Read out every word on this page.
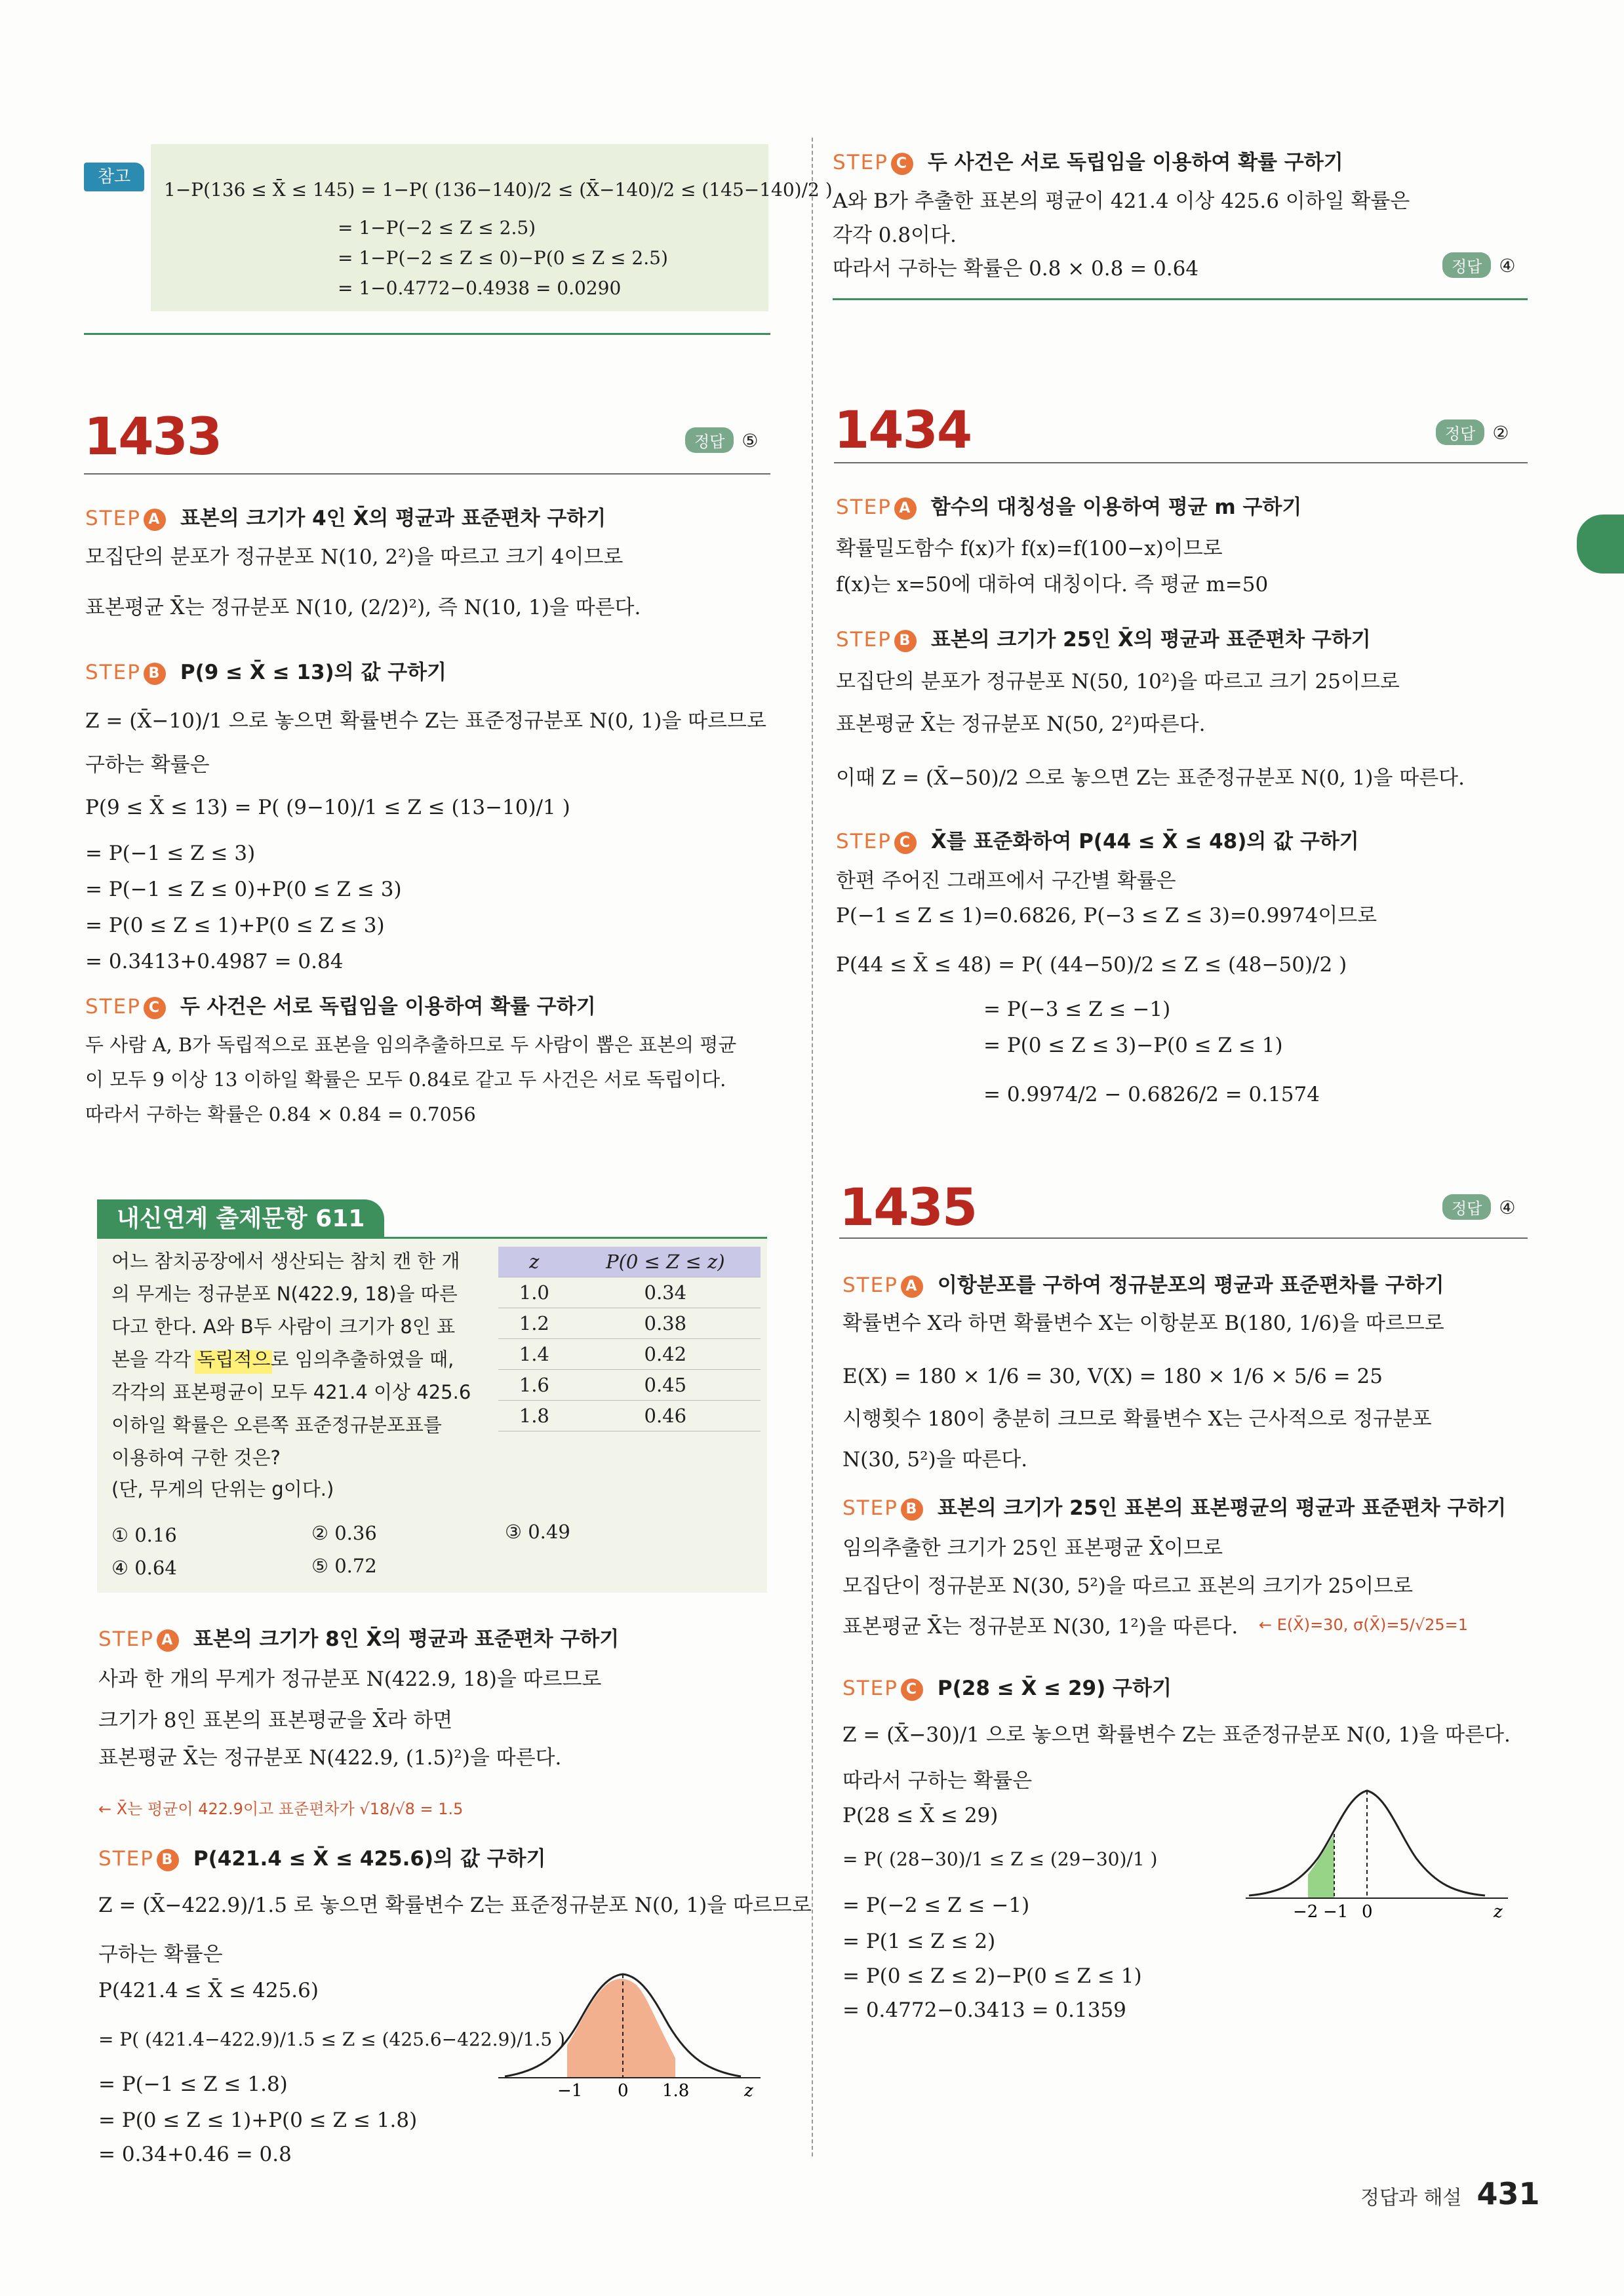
참고
1−P(136 ≤ X̄ ≤ 145) = 1−P( (136−140)/2 ≤ (X̄−140)/2 ≤ (145−140)/2 )
= 1−P(−2 ≤ Z ≤ 2.5)
= 1−P(−2 ≤ Z ≤ 0)−P(0 ≤ Z ≤ 2.5)
= 1−0.4772−0.4938 = 0.0290
1433	정답 ⑤
STEP A 표본의 크기가 4인 X̄의 평균과 표준편차 구하기
모집단의 분포가 정규분포 N(10, 2²)을 따르고 크기 4이므로
표본평균 X̄는 정규분포 N(10, (2/2)²), 즉 N(10, 1)을 따른다.
STEP B P(9 ≤ X̄ ≤ 13)의 값 구하기
Z = (X̄−10)/1 으로 놓으면 확률변수 Z는 표준정규분포 N(0, 1)을 따르므로
구하는 확률은
P(9 ≤ X̄ ≤ 13) = P( (9−10)/1 ≤ Z ≤ (13−10)/1 )
= P(−1 ≤ Z ≤ 3)
= P(−1 ≤ Z ≤ 0)+P(0 ≤ Z ≤ 3)
= P(0 ≤ Z ≤ 1)+P(0 ≤ Z ≤ 3)
= 0.3413+0.4987 = 0.84
STEP C 두 사건은 서로 독립임을 이용하여 확률 구하기
두 사람 A, B가 독립적으로 표본을 임의추출하므로 두 사람이 뽑은 표본의 평균
이 모두 9 이상 13 이하일 확률은 모두 0.84로 같고 두 사건은 서로 독립이다.
따라서 구하는 확률은 0.84 × 0.84 = 0.7056
내신연계 출제문항 611
어느 참치공장에서 생산되는 참치 캔 한 개
의 무게는 정규분포 N(422.9, 18)을 따른
다고 한다. A와 B두 사람이 크기가 8인 표
본을 각각 독립적으로 임의추출하였을 때,
각각의 표본평균이 모두 421.4 이상 425.6
이하일 확률은 오른쪽 표준정규분포표를
이용하여 구한 것은?
(단, 무게의 단위는 g이다.)
z	P(0 ≤ Z ≤ z)
1.0	0.34
1.2	0.38
1.4	0.42
1.6	0.45
1.8	0.46
① 0.16	② 0.36	③ 0.49
④ 0.64	⑤ 0.72
STEP A 표본의 크기가 8인 X̄의 평균과 표준편차 구하기
사과 한 개의 무게가 정규분포 N(422.9, 18)을 따르므로
크기가 8인 표본의 표본평균을 X̄라 하면
표본평균 X̄는 정규분포 N(422.9, (1.5)²)을 따른다.
← X̄는 평균이 422.9이고 표준편차가 √18/√8 = 1.5
STEP B P(421.4 ≤ X̄ ≤ 425.6)의 값 구하기
Z = (X̄−422.9)/1.5 로 놓으면 확률변수 Z는 표준정규분포 N(0, 1)을 따르므로
구하는 확률은
P(421.4 ≤ X̄ ≤ 425.6)
= P( (421.4−422.9)/1.5 ≤ Z ≤ (425.6−422.9)/1.5 )
= P(−1 ≤ Z ≤ 1.8)
= P(0 ≤ Z ≤ 1)+P(0 ≤ Z ≤ 1.8)
= 0.34+0.46 = 0.8
−1 0 1.8	z
STEP C 두 사건은 서로 독립임을 이용하여 확률 구하기
A와 B가 추출한 표본의 평균이 421.4 이상 425.6 이하일 확률은
각각 0.8이다.
따라서 구하는 확률은 0.8 × 0.8 = 0.64	정답 ④
1434	정답 ②
STEP A 함수의 대칭성을 이용하여 평균 m 구하기
확률밀도함수 f(x)가 f(x)=f(100−x)이므로
f(x)는 x=50에 대하여 대칭이다. 즉 평균 m=50
STEP B 표본의 크기가 25인 X̄의 평균과 표준편차 구하기
모집단의 분포가 정규분포 N(50, 10²)을 따르고 크기 25이므로
표본평균 X̄는 정규분포 N(50, 2²)따른다.
이때 Z = (X̄−50)/2 으로 놓으면 Z는 표준정규분포 N(0, 1)을 따른다.
STEP C X̄를 표준화하여 P(44 ≤ X̄ ≤ 48)의 값 구하기
한편 주어진 그래프에서 구간별 확률은
P(−1 ≤ Z ≤ 1)=0.6826, P(−3 ≤ Z ≤ 3)=0.9974이므로
P(44 ≤ X̄ ≤ 48) = P( (44−50)/2 ≤ Z ≤ (48−50)/2 )
= P(−3 ≤ Z ≤ −1)
= P(0 ≤ Z ≤ 3)−P(0 ≤ Z ≤ 1)
= 0.9974/2 − 0.6826/2 = 0.1574
1435	정답 ④
STEP A 이항분포를 구하여 정규분포의 평균과 표준편차를 구하기
확률변수 X라 하면 확률변수 X는 이항분포 B(180, 1/6)을 따르므로
E(X) = 180 × 1/6 = 30, V(X) = 180 × 1/6 × 5/6 = 25
시행횟수 180이 충분히 크므로 확률변수 X는 근사적으로 정규분포
N(30, 5²)을 따른다.
STEP B 표본의 크기가 25인 표본의 표본평균의 평균과 표준편차 구하기
임의추출한 크기가 25인 표본평균 X̄이므로
모집단이 정규분포 N(30, 5²)을 따르고 표본의 크기가 25이므로
표본평균 X̄는 정규분포 N(30, 1²)을 따른다. ← E(X̄)=30, σ(X̄)=5/√25=1
STEP C P(28 ≤ X̄ ≤ 29) 구하기
Z = (X̄−30)/1 으로 놓으면 확률변수 Z는 표준정규분포 N(0, 1)을 따른다.
따라서 구하는 확률은
P(28 ≤ X̄ ≤ 29)
= P( (28−30)/1 ≤ Z ≤ (29−30)/1 )
= P(−2 ≤ Z ≤ −1)
= P(1 ≤ Z ≤ 2)
= P(0 ≤ Z ≤ 2)−P(0 ≤ Z ≤ 1)
= 0.4772−0.3413 = 0.1359
−2 −1 0	z
정답과 해설 431
